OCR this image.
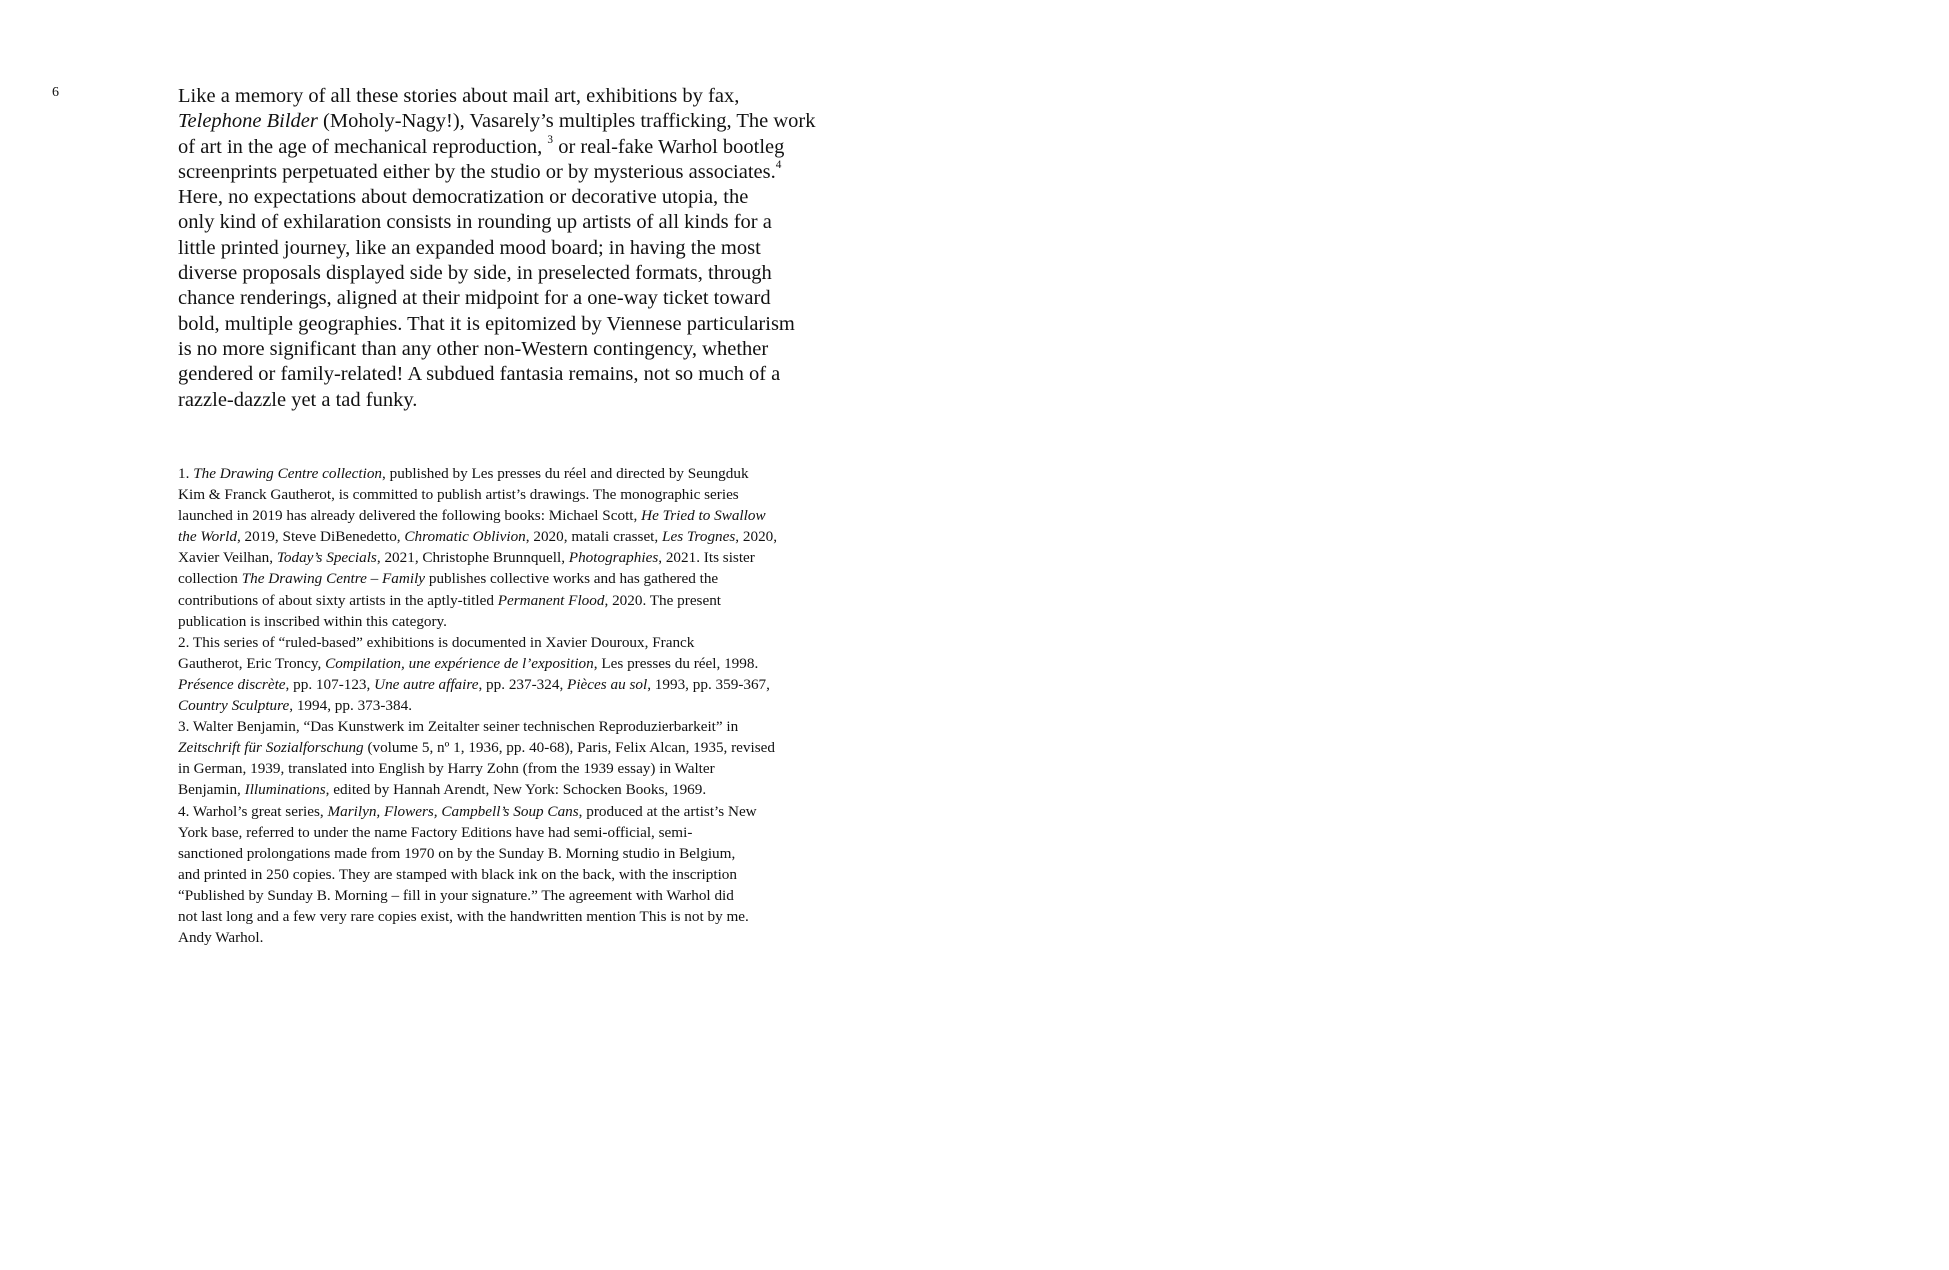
6	Like a memory of all these stories about mail art, exhibitions by fax,
Telephone Bilder (Moholy-Nagy!), Vasarely’s multiples trafficking, The work
of art in the age of mechanical reproduction, $^3$ or real-fake Warhol bootleg
screenprints perpetuated either by the studio or by mysterious associates.$^4$
Here, no expectations about democratization or decorative utopia, the
only kind of exhilaration consists in rounding up artists of all kinds for a
little printed journey, like an expanded mood board; in having the most
diverse proposals displayed side by side, in preselected formats, through
chance renderings, aligned at their midpoint for a one-way ticket toward
bold, multiple geographies. That it is epitomized by Viennese particularism
is no more significant than any other non-Western contingency, whether
gendered or family-related! A subdued fantasia remains, not so much of a
razzle-dazzle yet a tad funky.
1. The Drawing Centre collection, published by Les presses du réel and directed by Seungduk
Kim & Franck Gautherot, is committed to publish artist’s drawings. The monographic series
launched in 2019 has already delivered the following books: Michael Scott, He Tried to Swallow
the World, 2019, Steve DiBenedetto, Chromatic Oblivion, 2020, matali crasset, Les Trognes, 2020,
Xavier Veilhan, Today’s Specials, 2021, Christophe Brunnquell, Photographies, 2021. Its sister
collection The Drawing Centre – Family publishes collective works and has gathered the
contributions of about sixty artists in the aptly-titled Permanent Flood, 2020. The present
publication is inscribed within this category.
2. This series of “ruled-based” exhibitions is documented in Xavier Douroux, Franck
Gautherot, Eric Troncy, Compilation, une expérience de l’exposition, Les presses du réel, 1998.
Présence discrète, pp. 107-123, Une autre affaire, pp. 237-324, Pièces au sol, 1993, pp. 359-367,
Country Sculpture, 1994, pp. 373-384.
3. Walter Benjamin, “Das Kunstwerk im Zeitalter seiner technischen Reproduzierbarkeit” in
Zeitschrift für Sozialforschung (volume 5, nº 1, 1936, pp. 40-68), Paris, Felix Alcan, 1935, revised
in German, 1939, translated into English by Harry Zohn (from the 1939 essay) in Walter
Benjamin, Illuminations, edited by Hannah Arendt, New York: Schocken Books, 1969.
4. Warhol’s great series, Marilyn, Flowers, Campbell’s Soup Cans, produced at the artist’s New
York base, referred to under the name Factory Editions have had semi-official, semi-
sanctioned prolongations made from 1970 on by the Sunday B. Morning studio in Belgium,
and printed in 250 copies. They are stamped with black ink on the back, with the inscription
“Published by Sunday B. Morning – fill in your signature.” The agreement with Warhol did
not last long and a few very rare copies exist, with the handwritten mention This is not by me.
Andy Warhol.
